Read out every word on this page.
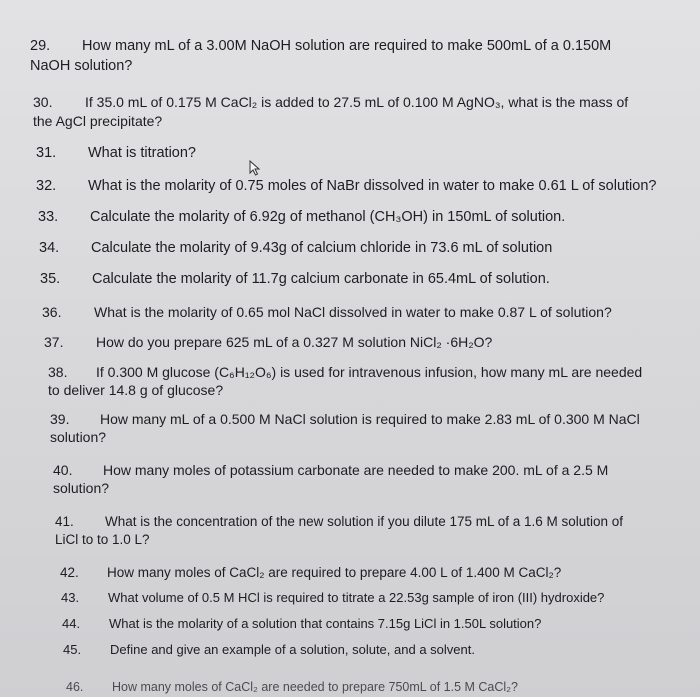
29. How many mL of a 3.00M NaOH solution are required to make 500mL of a 0.150M
NaOH solution?
30. If 35.0 mL of 0.175 M CaCl₂ is added to 27.5 mL of 0.100 M AgNO₃, what is the mass of
the AgCl precipitate?
31. What is titration?
32. What is the molarity of 0.75 moles of NaBr dissolved in water to make 0.61 L of solution?
33. Calculate the molarity of 6.92g of methanol (CH₃OH) in 150mL of solution.
34. Calculate the molarity of 9.43g of calcium chloride in 73.6 mL of solution
35. Calculate the molarity of 11.7g calcium carbonate in 65.4mL of solution.
36. What is the molarity of 0.65 mol NaCl dissolved in water to make 0.87 L of solution?
37. How do you prepare 625 mL of a 0.327 M solution NiCl₂ ·6H₂O?
38. If 0.300 M glucose (C₆H₁₂O₆) is used for intravenous infusion, how many mL are needed
to deliver 14.8 g of glucose?
39. How many mL of a 0.500 M NaCl solution is required to make 2.83 mL of 0.300 M NaCl
solution?
40. How many moles of potassium carbonate are needed to make 200. mL of a 2.5 M
solution?
41. What is the concentration of the new solution if you dilute 175 mL of a 1.6 M solution of
LiCl to to 1.0 L?
42. How many moles of CaCl₂ are required to prepare 4.00 L of 1.400 M CaCl₂?
43. What volume of 0.5 M HCl is required to titrate a 22.53g sample of iron (III) hydroxide?
44. What is the molarity of a solution that contains 7.15g LiCl in 1.50L solution?
45. Define and give an example of a solution, solute, and a solvent.
46. How many moles of CaCl₂ are needed to prepare 750mL of 1.5 M CaCl₂?
